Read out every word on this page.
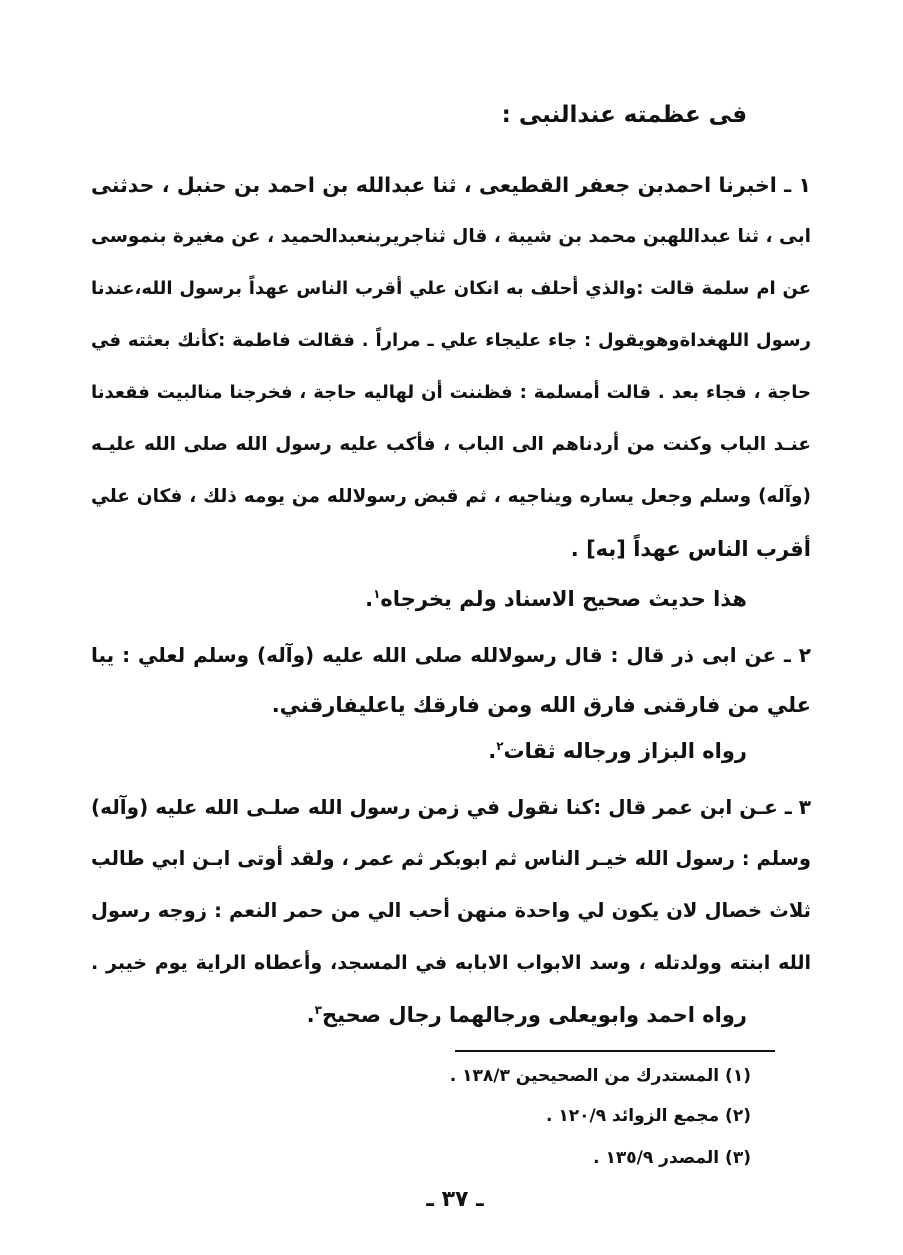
فى عظمته عندالنبى :
١ ـ اخبرنا احمدبن جعفر القطيعى ، ثنا عبدالله بن احمد بن حنبل ، حدثنى
ابى ، ثنا عبداللهبن محمد بن شيبة ، قال ثناجريربنعبدالحميد ، عن مغيرة بنموسى
عن ام سلمة قالت :والذي أحلف به انكان علي أقرب الناس عهداً برسول الله،عندنا
رسول اللهغداةوهويقول : جاء عليجاء علي ـ مراراً . فقالت فاطمة :كأنك بعثته في
حاجة ، فجاء بعد . قالت أمسلمة : فظننت أن لهاليه حاجة ، فخرجنا منالبيت فقعدنا
عنـد الباب وكنت من أردناهم الى الباب ، فأكب عليه رسول الله صلى الله عليـه
(وآله) وسلم وجعل يساره ويناجيه ، ثم قبض رسولالله من يومه ذلك ، فكان علي
أقرب الناس عهداً [به] .
هذا حديث صحيح الاسناد ولم يخرجاه$^١$.
٢ ـ عن ابى ذر قال : قال رسولالله صلى الله عليه (وآله) وسلم لعلي : يبا
علي من فارقنى فارق الله ومن فارقك ياعليفارقني.
رواه البزاز ورجاله ثقات$^٢$.
٣ ـ عـن ابن عمر قال :كنا نقول في زمن رسول الله صلـى الله عليه (وآله)
وسلم : رسول الله خيـر الناس ثم ابوبكر ثم عمر ، ولقد أوتى ابـن ابي طالب
ثلاث خصال لان يكون لي واحدة منهن أحب الي من حمر النعم : زوجه رسول
الله ابنته وولدتله ، وسد الابواب الابابه في المسجد، وأعطاه الراية يوم خيبر .
رواه احمد وابويعلى ورجالهما رجال صحيح$^٣$.
(١) المستدرك من الصحيحين ١٣٨/٣ .
(٢) مجمع الزوائد ١٢٠/٩ .
(٣) المصدر ١٣٥/٩ .
ـ ٣٧ ـ
